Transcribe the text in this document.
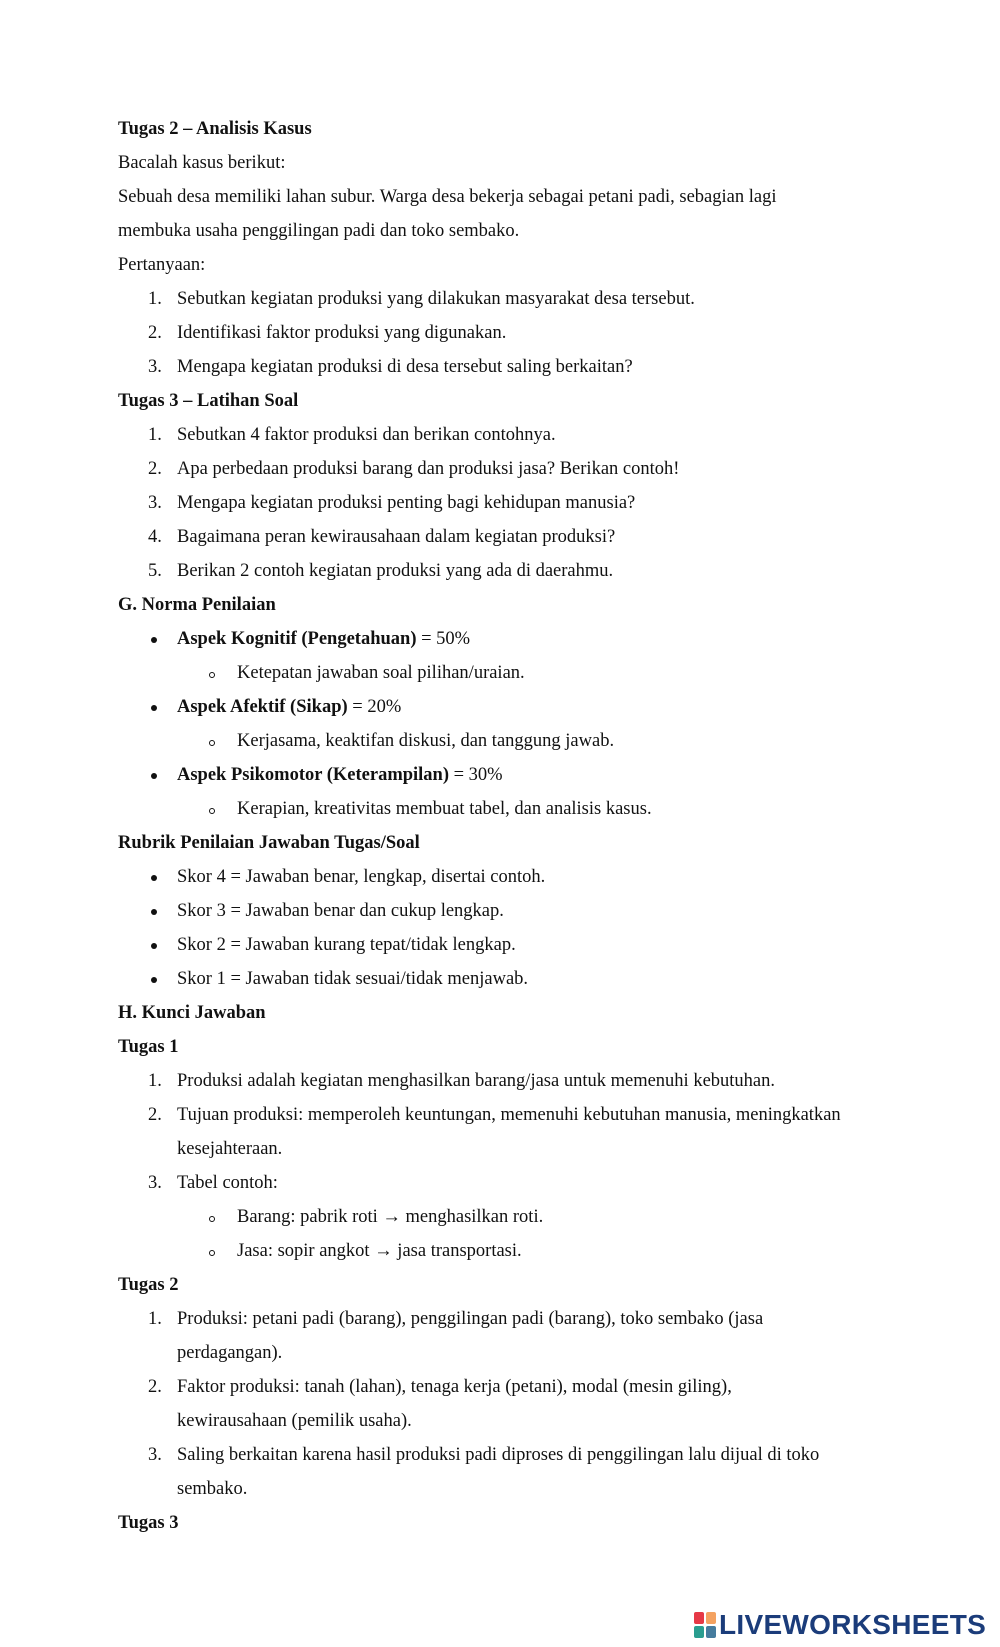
Tugas 2 – Analisis Kasus

Bacalah kasus berikut:

Sebuah desa memiliki lahan subur. Warga desa bekerja sebagai petani padi, sebagian lagi

membuka usaha penggilingan padi dan toko sembako.

Pertanyaan:

1. Sebutkan kegiatan produksi yang dilakukan masyarakat desa tersebut.
2. Identifikasi faktor produksi yang digunakan.
3. Mengapa kegiatan produksi di desa tersebut saling berkaitan?

Tugas 3 – Latihan Soal

1. Sebutkan 4 faktor produksi dan berikan contohnya.
2. Apa perbedaan produksi barang dan produksi jasa? Berikan contoh!
3. Mengapa kegiatan produksi penting bagi kehidupan manusia?
4. Bagaimana peran kewirausahaan dalam kegiatan produksi?
5. Berikan 2 contoh kegiatan produksi yang ada di daerahmu.

G. Norma Penilaian

Aspek Kognitif (Pengetahuan) = 50%
Ketepatan jawaban soal pilihan/uraian.
Aspek Afektif (Sikap) = 20%
Kerjasama, keaktifan diskusi, dan tanggung jawab.
Aspek Psikomotor (Keterampilan) = 30%
Kerapian, kreativitas membuat tabel, dan analisis kasus.

Rubrik Penilaian Jawaban Tugas/Soal

Skor 4 = Jawaban benar, lengkap, disertai contoh.
Skor 3 = Jawaban benar dan cukup lengkap.
Skor 2 = Jawaban kurang tepat/tidak lengkap.
Skor 1 = Jawaban tidak sesuai/tidak menjawab.

H. Kunci Jawaban

Tugas 1

1. Produksi adalah kegiatan menghasilkan barang/jasa untuk memenuhi kebutuhan.
2. Tujuan produksi: memperoleh keuntungan, memenuhi kebutuhan manusia, meningkatkan
kesejahteraan.
3. Tabel contoh:
Barang: pabrik roti → menghasilkan roti.
Jasa: sopir angkot → jasa transportasi.

Tugas 2

1. Produksi: petani padi (barang), penggilingan padi (barang), toko sembako (jasa
perdagangan).
2. Faktor produksi: tanah (lahan), tenaga kerja (petani), modal (mesin giling),
kewirausahaan (pemilik usaha).
3. Saling berkaitan karena hasil produksi padi diproses di penggilingan lalu dijual di toko
sembako.

Tugas 3

LIVEWORKSHEETS
